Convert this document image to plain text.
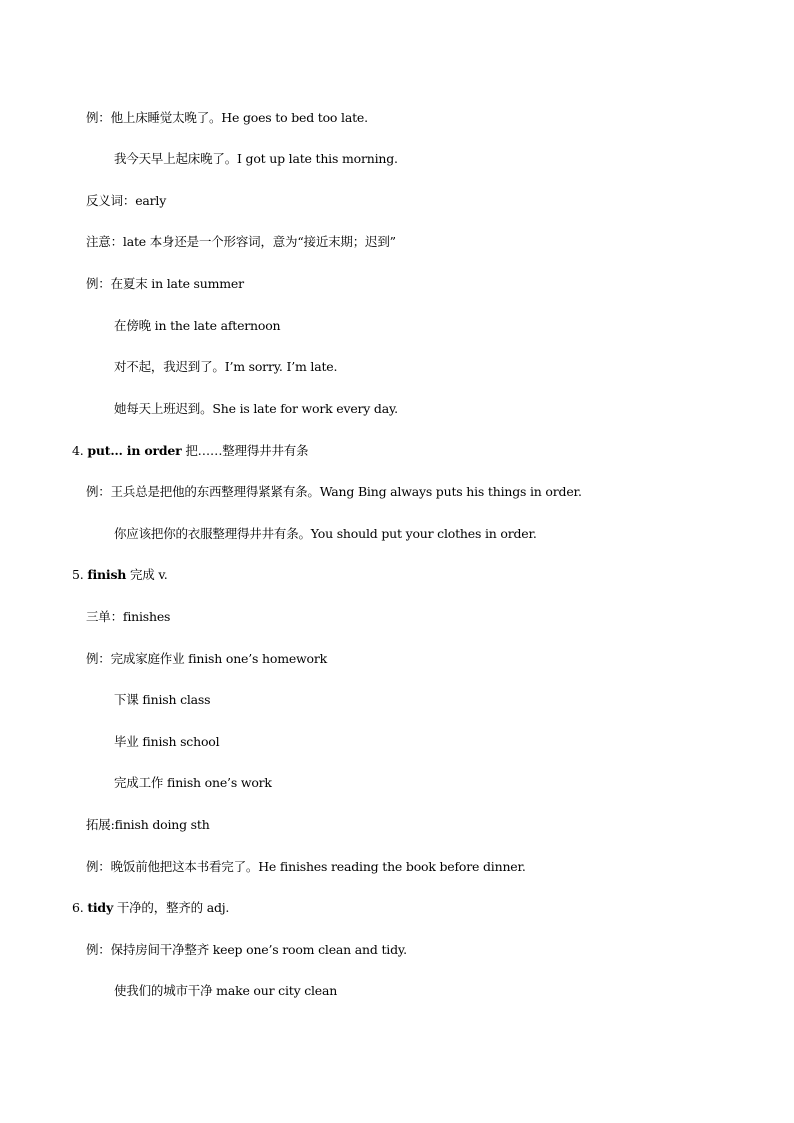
例：他上床睡觉太晚了。He goes to bed too late.
我今天早上起床晚了。I got up late this morning.
反义词：early
注意：late 本身还是一个形容词，意为“接近末期；迟到”
例：在夏末 in late summer
在傍晚 in the late afternoon
对不起，我迟到了。I’m sorry. I’m late.
她每天上班迟到。She is late for work every day.
4. put… in order 把……整理得井井有条
例：王兵总是把他的东西整理得紧紧有条。Wang Bing always puts his things in order.
你应该把你的衣服整理得井井有条。You should put your clothes in order.
5. finish 完成 v.
三单：finishes
例：完成家庭作业 finish one’s homework
下课 finish class
毕业 finish school
完成工作 finish one’s work
拓展:finish doing sth
例：晚饭前他把这本书看完了。He finishes reading the book before dinner.
6. tidy 干净的，整齐的 adj.
例：保持房间干净整齐 keep one’s room clean and tidy.
使我们的城市干净 make our city clean
